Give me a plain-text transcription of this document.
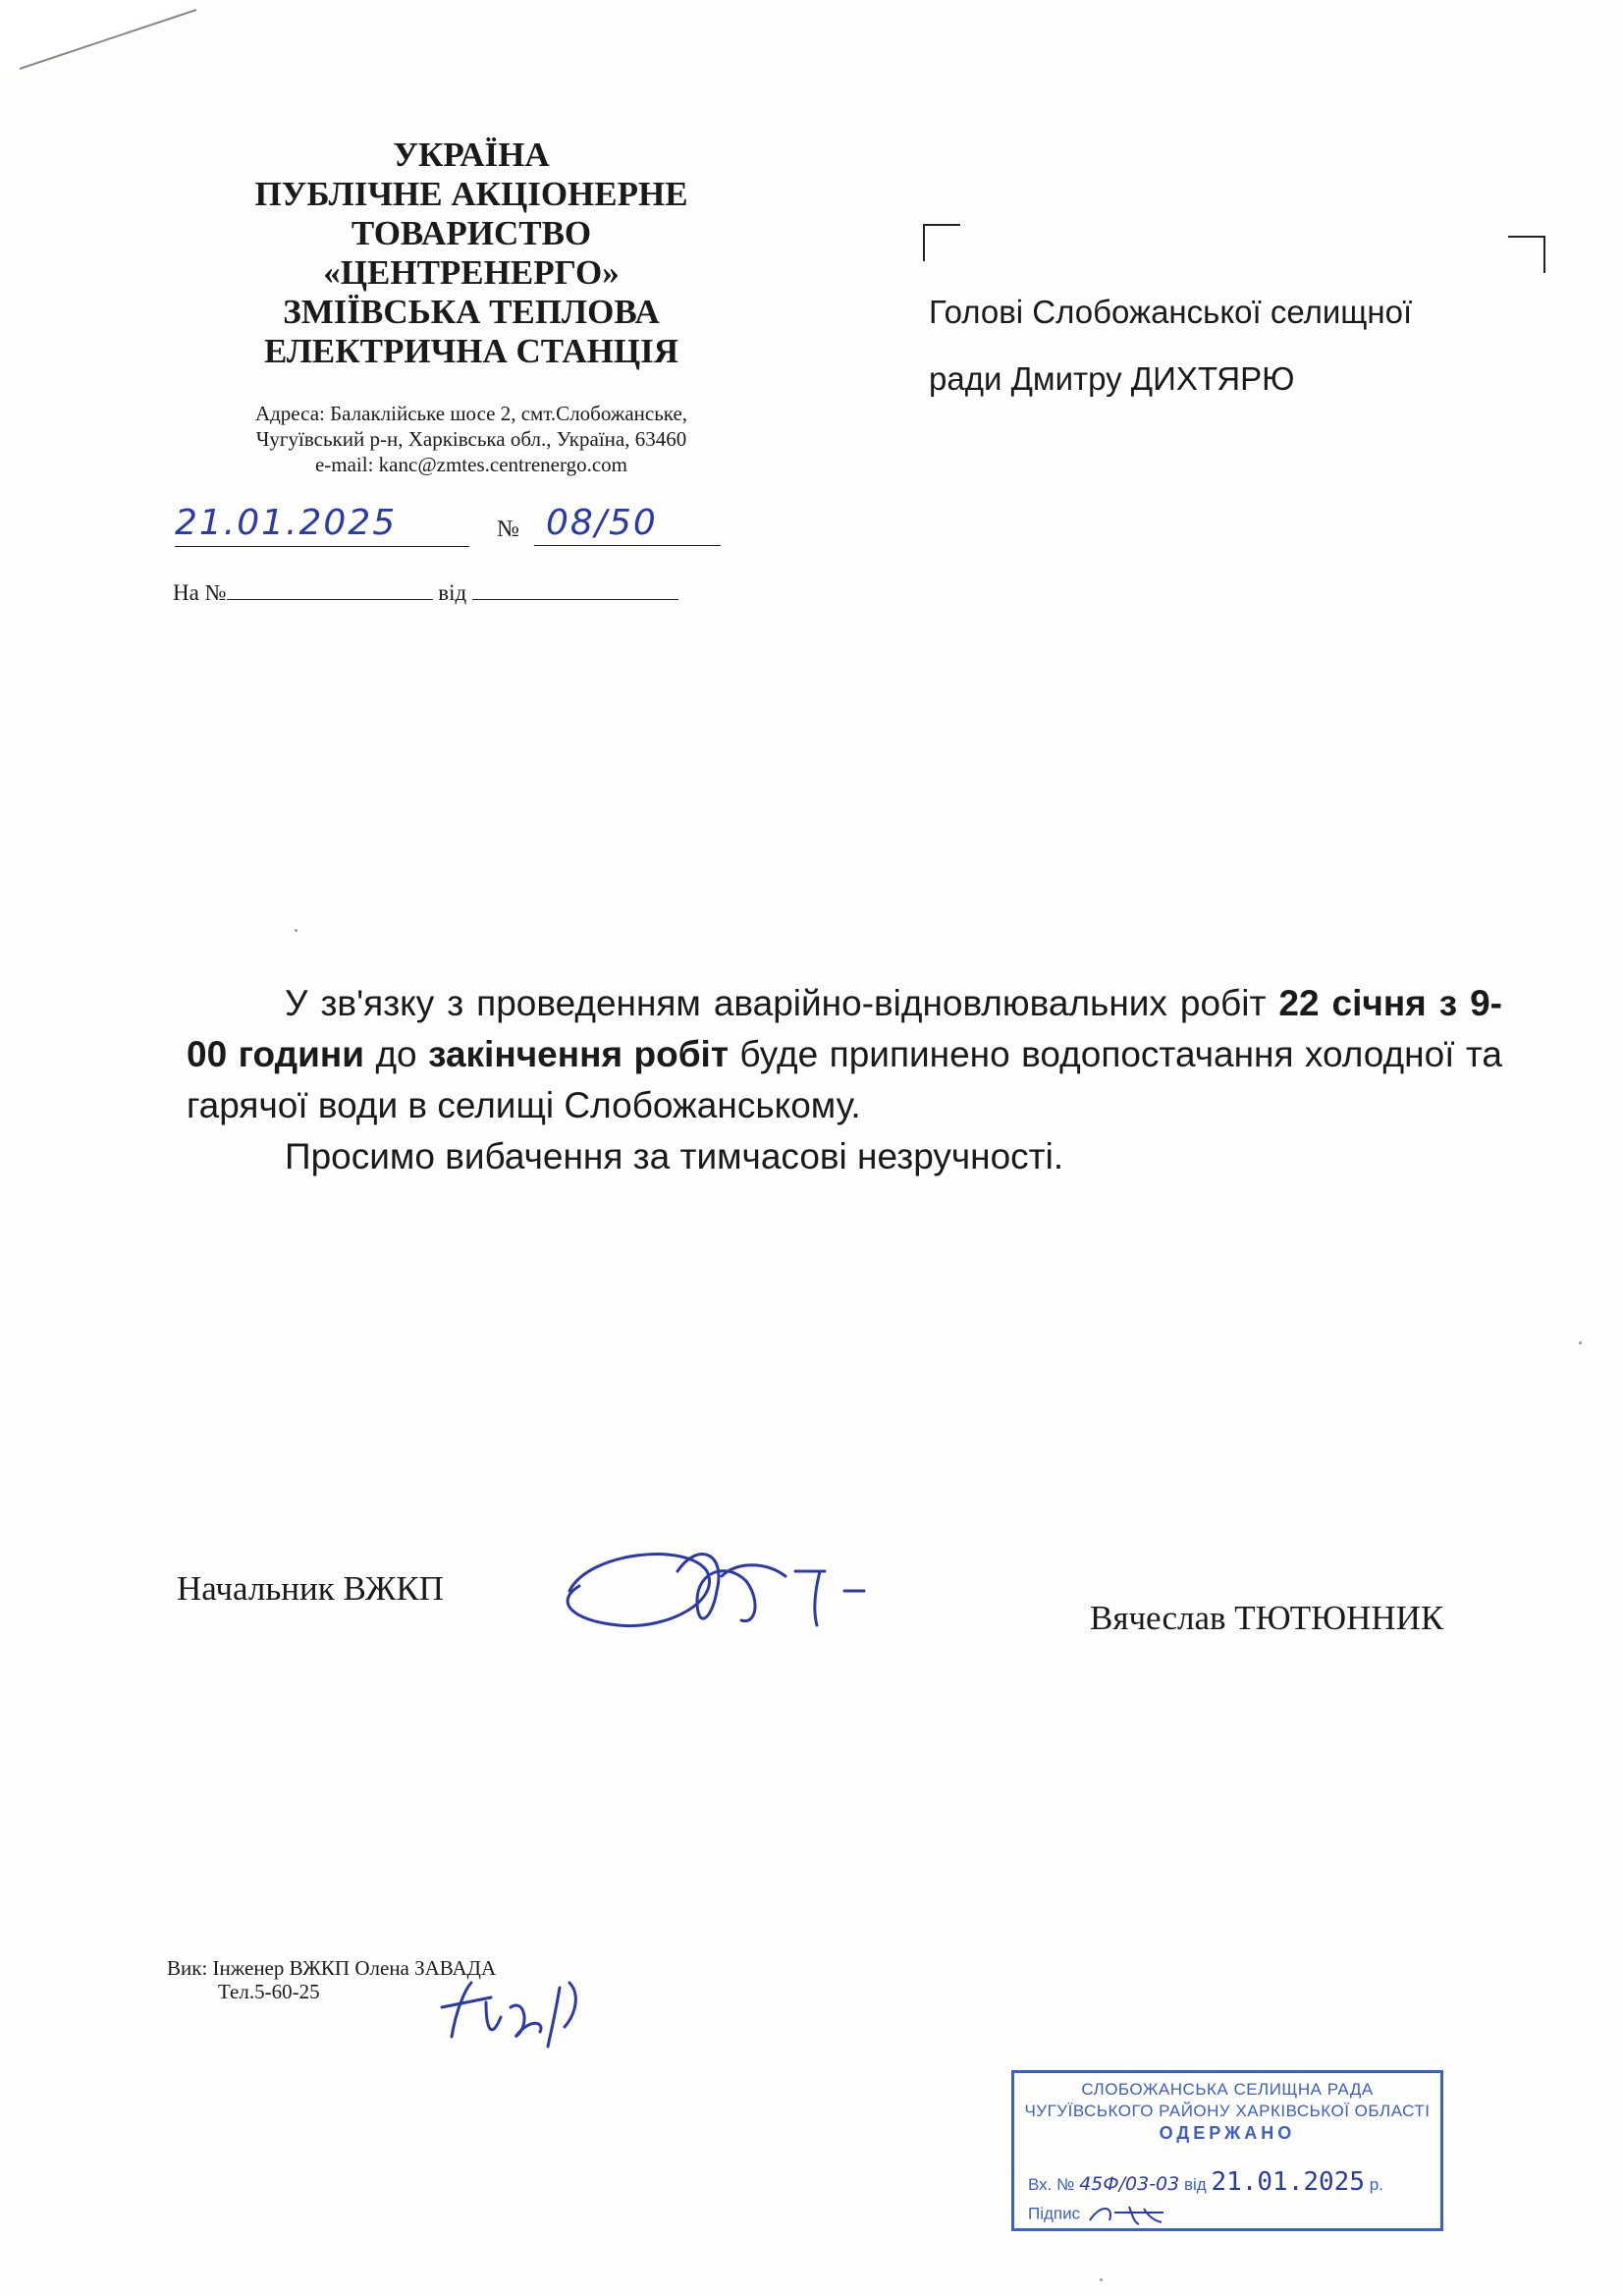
УКРАЇНА
ПУБЛІЧНЕ АКЦІОНЕРНЕ
ТОВАРИСТВО
«ЦЕНТРЕНЕРГО»
ЗМІЇВСЬКА ТЕПЛОВА
ЕЛЕКТРИЧНА СТАНЦІЯ
Адреса: Балаклійське шосе 2, смт.Слобожанське,
Чугуївський р-н, Харківська обл., Україна, 63460
e-mail: kanc@zmtes.centrenergo.com
21.01.2025	№ 08/50
На №	від
Голові Слобожанської селищної
ради Дмитру ДИХТЯРЮ

У зв'язку з проведенням аварійно-відновлювальних робіт 22 січня з 9-00 години до закінчення робіт буде припинено водопостачання холодної та гарячої води в селищі Слобожанському.

Просимо вибачення за тимчасові незручності.

Начальник ВЖКП
Вячеслав ТЮТЮННИК
Вик: Інженер ВЖКП Олена ЗАВАДА
Тел.5-60-25
СЛОБОЖАНСЬКА СЕЛИЩНА РАДА
ЧУГУЇВСЬКОГО РАЙОНУ ХАРКІВСЬКОЇ ОБЛАСТІ
ОДЕРЖАНО
Вх. № 45Ф/03-03 від 21.01.2025 р.
Підпис
